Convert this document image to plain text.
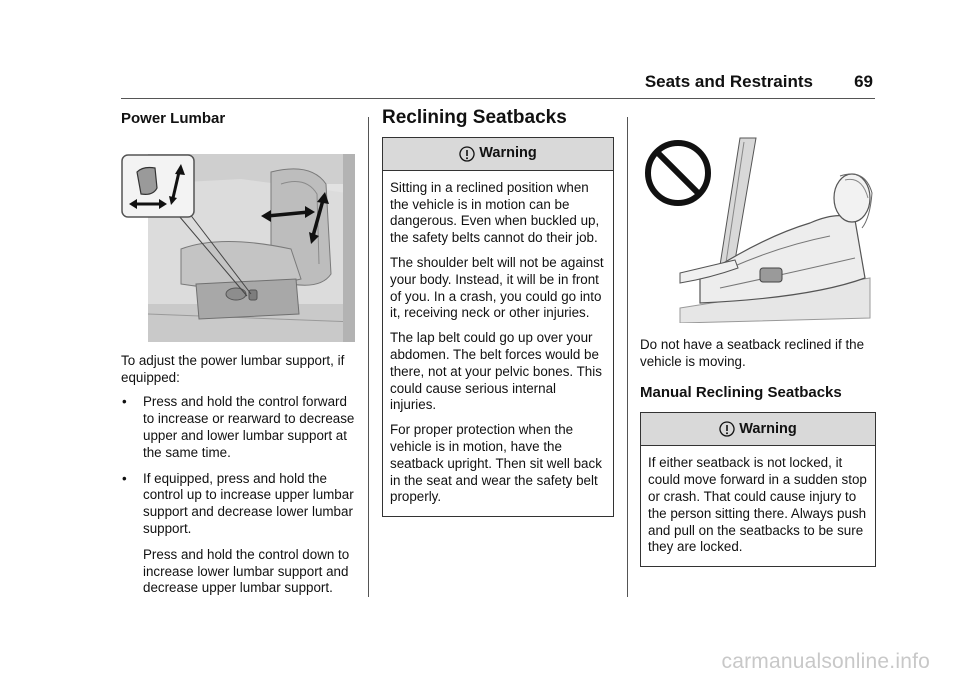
Seats and Restraints 69
Power Lumbar

To adjust the power lumbar support, if equipped:

• Press and hold the control forward to increase or rearward to decrease upper and lower lumbar support at the same time.

• If equipped, press and hold the control up to increase upper lumbar support and decrease lower lumbar support.

Press and hold the control down to increase lower lumbar support and decrease upper lumbar support.

Reclining Seatbacks
Warning

Sitting in a reclined position when the vehicle is in motion can be dangerous. Even when buckled up, the safety belts cannot do their job.

The shoulder belt will not be against your body. Instead, it will be in front of you. In a crash, you could go into it, receiving neck or other injuries.

The lap belt could go up over your abdomen. The belt forces would be there, not at your pelvic bones. This could cause serious internal injuries.

For proper protection when the vehicle is in motion, have the seatback upright. Then sit well back in the seat and wear the safety belt properly.

Do not have a seatback reclined if the vehicle is moving.

Manual Reclining Seatbacks
Warning

If either seatback is not locked, it could move forward in a sudden stop or crash. That could cause injury to the person sitting there. Always push and pull on the seatbacks to be sure they are locked.

carmanualsonline.info
